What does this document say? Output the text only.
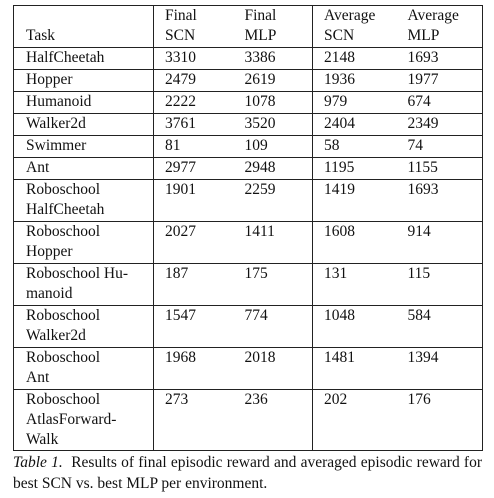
	Final	Final	Average	Average
Task	SCN	MLP	SCN	MLP

HalfCheetah	3310	3386	2148	1693

Hopper	2479	2619	1936	1977

Humanoid	2222	1078	979	674

Walker2d	3761	3520	2404	2349

Swimmer	81	109	58	74

Ant	2977	2948	1195	1155

Roboschool
HalfCheetah	1901	2259	1419	1693

Roboschool
Hopper	2027	1411	1608	914

Roboschool Hu-
manoid	187	175	131	115

Roboschool
Walker2d	1547	774	1048	584

Roboschool
Ant	1968	2018	1481	1394

Roboschool
AtlasForward-
Walk	273	236	202	176
Table 1. Results of final episodic reward and averaged episodic reward for best SCN vs. best MLP per environment.
